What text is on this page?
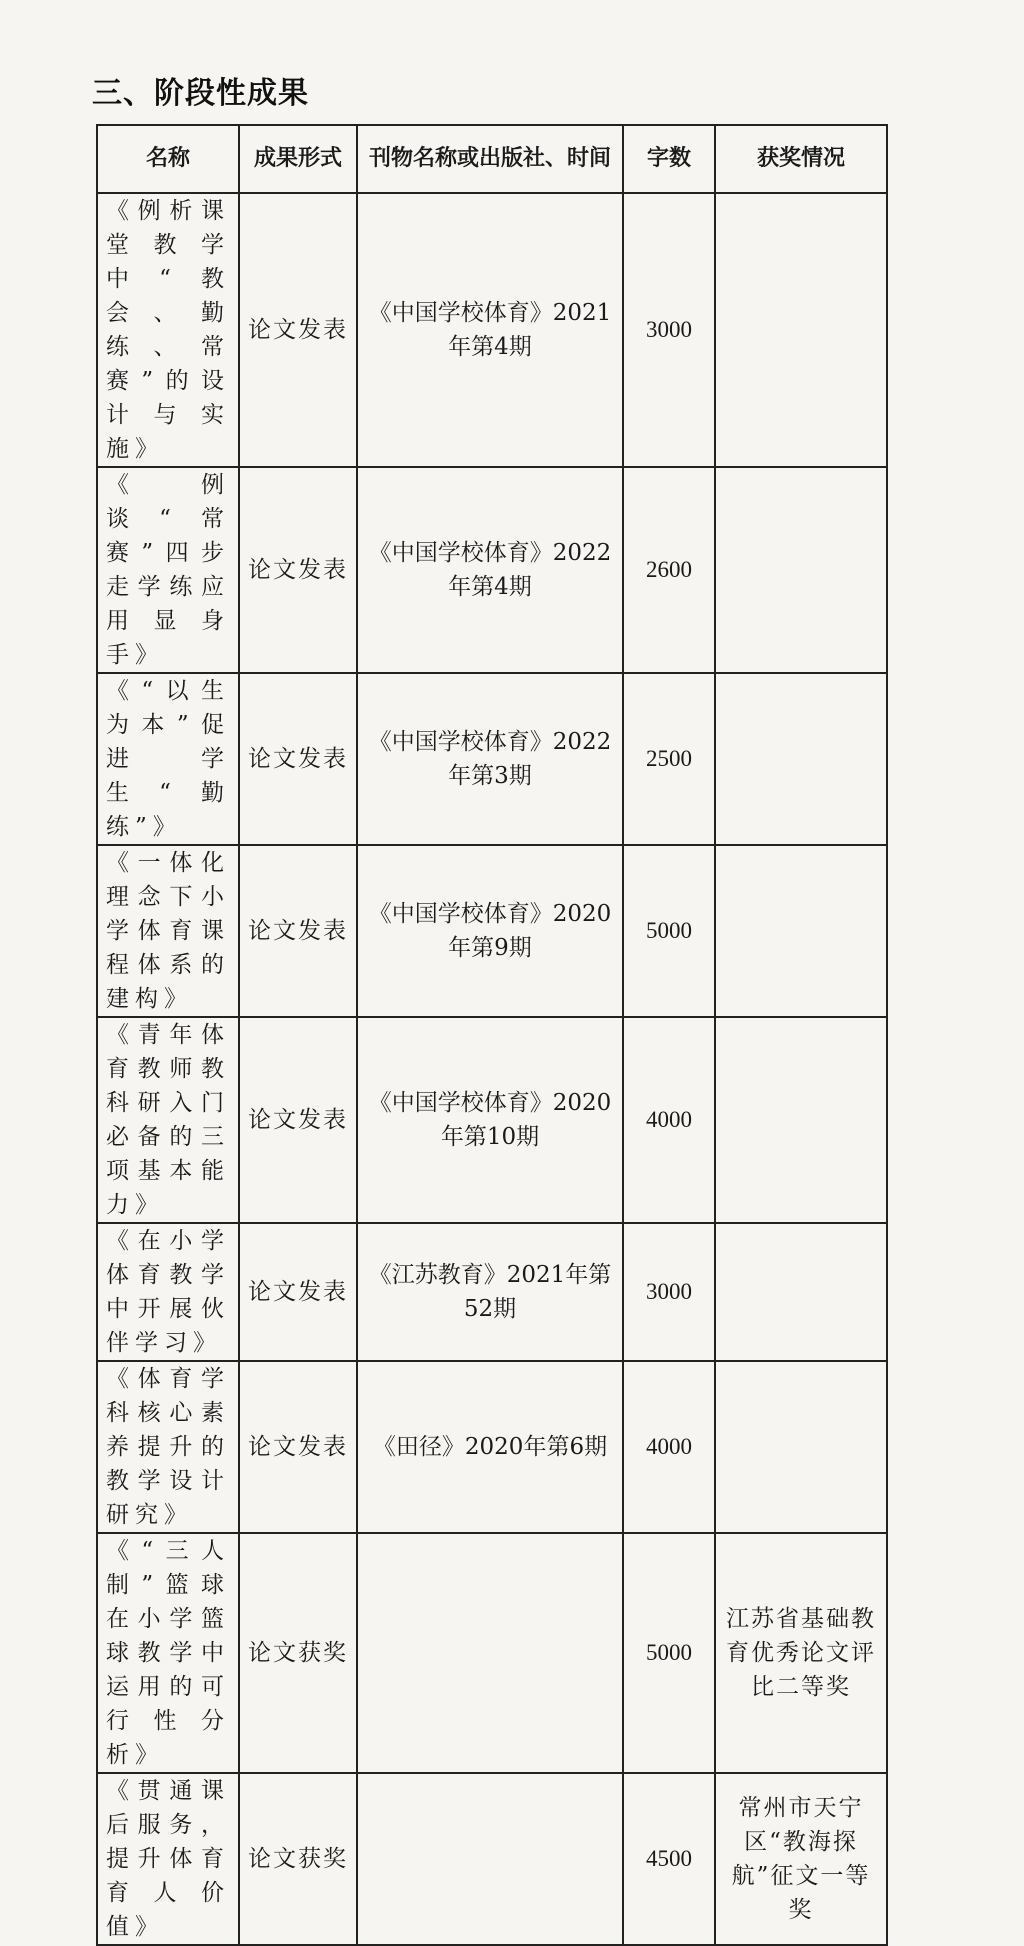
三、阶段性成果
名称	成果形式	刊物名称或出版社、时间	字数	获奖情况
《例析课堂教学中“教会、勤练、常赛”的设计与实施》	论文发表	《中国学校体育》2021年第4期	3000	
《例谈“常赛”四步走学练应用显身手》	论文发表	《中国学校体育》2022年第4期	2600	
《“以生为本”促进学生“勤练”》	论文发表	《中国学校体育》2022年第3期	2500	
《一体化理念下小学体育课程体系的建构》	论文发表	《中国学校体育》2020年第9期	5000	
《青年体育教师教科研入门必备的三项基本能力》	论文发表	《中国学校体育》2020年第10期	4000	
《在小学体育教学中开展伙伴学习》	论文发表	《江苏教育》2021年第52期	3000	
《体育学科核心素养提升的教学设计研究》	论文发表	《田径》2020年第6期	4000	
《“三人制”篮球在小学篮球教学中运用的可行性分析》	论文获奖		5000	江苏省基础教育优秀论文评比二等奖
《贯通课后服务，提升体育育人价值》	论文获奖		4500	常州市天宁区“教海探航”征文一等奖
